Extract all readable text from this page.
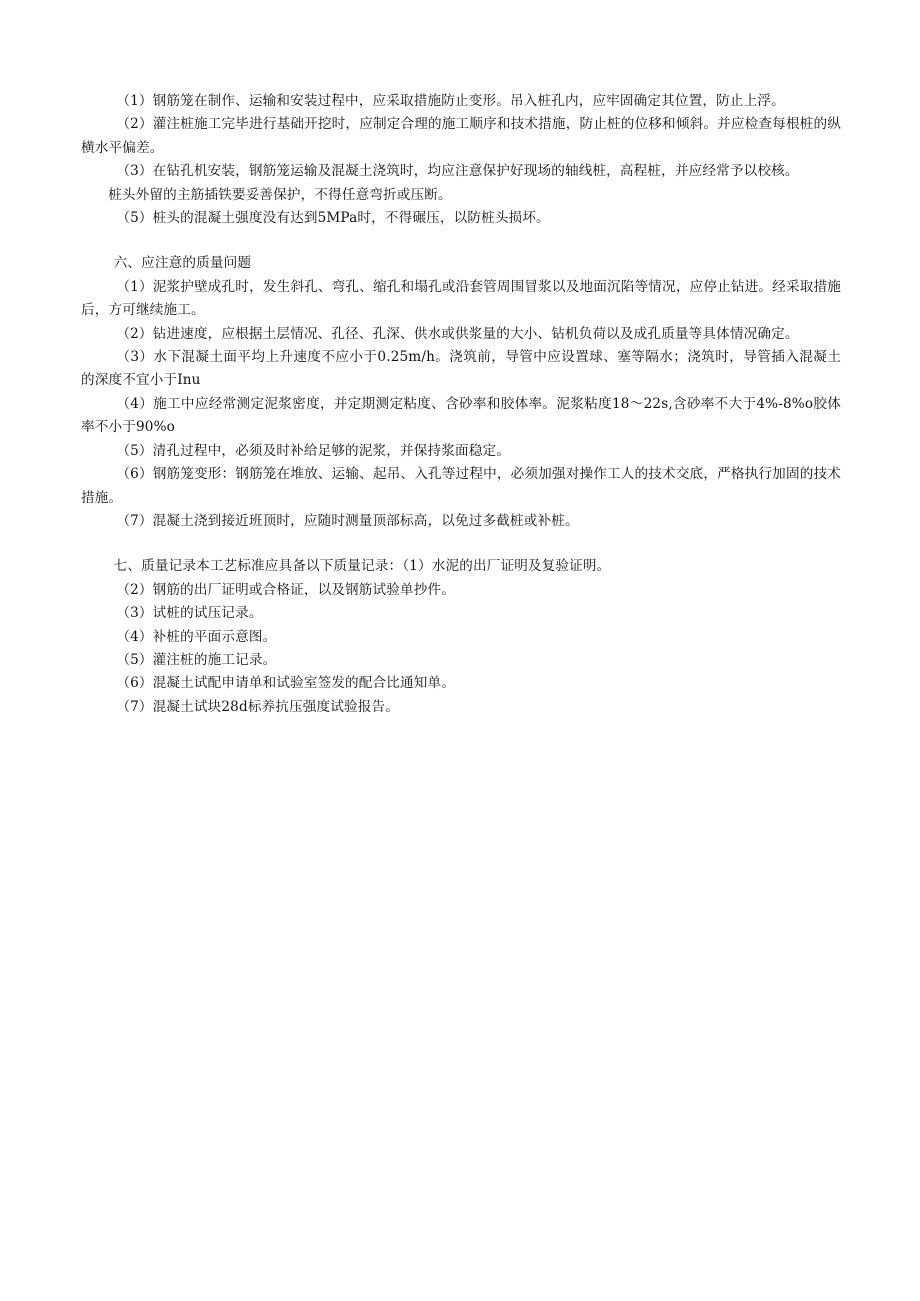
（1）钢筋笼在制作、运输和安装过程中，应采取措施防止变形。吊入桩孔内，应牢固确定其位置，防止上浮。

（2）灌注桩施工完毕进行基础开挖时，应制定合理的施工顺序和技术措施，防止桩的位移和倾斜。并应检查每根桩的纵横水平偏差。

（3）在钻孔机安装，钢筋笼运输及混凝土浇筑时，均应注意保护好现场的轴线桩，高程桩，并应经常予以校核。

桩头外留的主筋插铁要妥善保护，不得任意弯折或压断。

（5）桩头的混凝土强度没有达到5MPa时，不得碾压，以防桩头损坏。

六、应注意的质量问题

（1）泥浆护壁成孔时，发生斜孔、弯孔、缩孔和塌孔或沿套管周围冒浆以及地面沉陷等情况，应停止钻进。经采取措施后，方可继续施工。

（2）钻进速度，应根据土层情况、孔径、孔深、供水或供浆量的大小、钻机负荷以及成孔质量等具体情况确定。

（3）水下混凝土面平均上升速度不应小于0.25m/h。浇筑前，导管中应设置球、塞等隔水；浇筑时，导管插入混凝土的深度不宜小于Inu

（4）施工中应经常测定泥浆密度，并定期测定粘度、含砂率和胶体率。泥浆粘度18～22s,含砂率不大于4%-8%o胶体率不小于90%o

（5）清孔过程中，必须及时补给足够的泥浆，并保持浆面稳定。

（6）钢筋笼变形：钢筋笼在堆放、运输、起吊、入孔等过程中，必须加强对操作工人的技术交底，严格执行加固的技术措施。

（7）混凝土浇到接近班顶时，应随时测量顶部标高，以免过多截桩或补桩。

七、质量记录本工艺标准应具备以下质量记录：（1）水泥的出厂证明及复验证明。

（2）钢筋的出厂证明或合格证，以及钢筋试验单抄件。

（3）试桩的试压记录。

（4）补桩的平面示意图。

（5）灌注桩的施工记录。

（6）混凝土试配申请单和试验室签发的配合比通知单。

（7）混凝土试块28d标养抗压强度试验报告。
